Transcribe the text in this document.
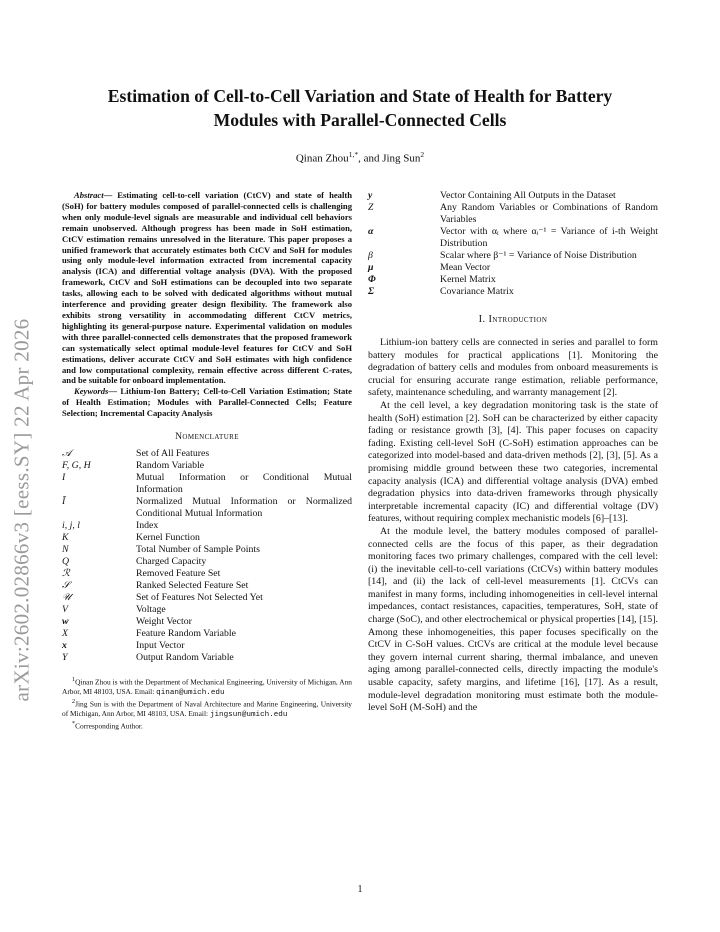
arXiv:2602.02866v3 [eess.SY] 22 Apr 2026
Estimation of Cell-to-Cell Variation and State of Health for Battery
Modules with Parallel-Connected Cells
Qinan Zhou$^{1,*}$, and Jing Sun$^2$

Abstract— Estimating cell-to-cell variation (CtCV) and state of health (SoH) for battery modules composed of parallel-connected cells is challenging when only module-level signals are measurable and individual cell behaviors remain unobserved. Although progress has been made in SoH estimation, CtCV estimation remains unresolved in the literature. This paper proposes a unified framework that accurately estimates both CtCV and SoH for modules using only module-level information extracted from incremental capacity analysis (ICA) and differential voltage analysis (DVA). With the proposed framework, CtCV and SoH estimations can be decoupled into two separate tasks, allowing each to be solved with dedicated algorithms without mutual interference and providing greater design flexibility. The framework also exhibits strong versatility in accommodating different CtCV metrics, highlighting its general-purpose nature. Experimental validation on modules with three parallel-connected cells demonstrates that the proposed framework can systematically select optimal module-level features for CtCV and SoH estimations, deliver accurate CtCV and SoH estimates with high confidence and low computational complexity, remain effective across different C-rates, and be suitable for onboard implementation.

Keywords— Lithium-Ion Battery; Cell-to-Cell Variation Estimation; State of Health Estimation; Modules with Parallel-Connected Cells; Feature Selection; Incremental Capacity Analysis

Nomenclature

𝒜	Set of All Features
F, G, H	Random Variable
I	Mutual Information or Conditional Mutual Information
Ĩ	Normalized Mutual Information or Normalized Conditional Mutual Information
i, j, l	Index
K	Kernel Function
N	Total Number of Sample Points
Q	Charged Capacity
ℛ	Removed Feature Set
𝒮	Ranked Selected Feature Set
𝒰	Set of Features Not Selected Yet
V	Voltage
w	Weight Vector
X	Feature Random Variable
x	Input Vector
Y	Output Random Variable

$^1$Qinan Zhou is with the Department of Mechanical Engineering, University of Michigan, Ann Arbor, MI 48103, USA. Email: qinan@umich.edu

$^2$Jing Sun is with the Department of Naval Architecture and Marine Engineering, University of Michigan, Ann Arbor, MI 48103, USA. Email: jingsun@umich.edu

*Corresponding Author.

y	Vector Containing All Outputs in the Dataset
Z	Any Random Variables or Combinations of Random Variables
α	Vector with αᵢ where αᵢ⁻¹ = Variance of i-th Weight Distribution
β	Scalar where β⁻¹ = Variance of Noise Distribution
μ	Mean Vector
Φ	Kernel Matrix
Σ	Covariance Matrix

I. Introduction

Lithium-ion battery cells are connected in series and parallel to form battery modules for practical applications [1]. Monitoring the degradation of battery cells and modules from onboard measurements is crucial for ensuring accurate range estimation, reliable performance, safety, maintenance scheduling, and warranty management [2].

At the cell level, a key degradation monitoring task is the state of health (SoH) estimation [2]. SoH can be characterized by either capacity fading or resistance growth [3], [4]. This paper focuses on capacity fading. Existing cell-level SoH (C-SoH) estimation approaches can be categorized into model-based and data-driven methods [2], [3], [5]. As a promising middle ground between these two categories, incremental capacity analysis (ICA) and differential voltage analysis (DVA) embed degradation physics into data-driven frameworks through physically interpretable incremental capacity (IC) and differential voltage (DV) features, without requiring complex mechanistic models [6]–[13].

At the module level, the battery modules composed of parallel-connected cells are the focus of this paper, as their degradation monitoring faces two primary challenges, compared with the cell level: (i) the inevitable cell-to-cell variations (CtCVs) within battery modules [14], and (ii) the lack of cell-level measurements [1]. CtCVs can manifest in many forms, including inhomogeneities in cell-level internal impedances, contact resistances, capacities, temperatures, SoH, state of charge (SoC), and other electrochemical or physical properties [14], [15]. Among these inhomogeneities, this paper focuses specifically on the CtCV in C-SoH values. CtCVs are critical at the module level because they govern internal current sharing, thermal imbalance, and uneven aging among parallel-connected cells, directly impacting the module's usable capacity, safety margins, and lifetime [16], [17]. As a result, module-level degradation monitoring must estimate both the module-level SoH (M-SoH) and the

1
